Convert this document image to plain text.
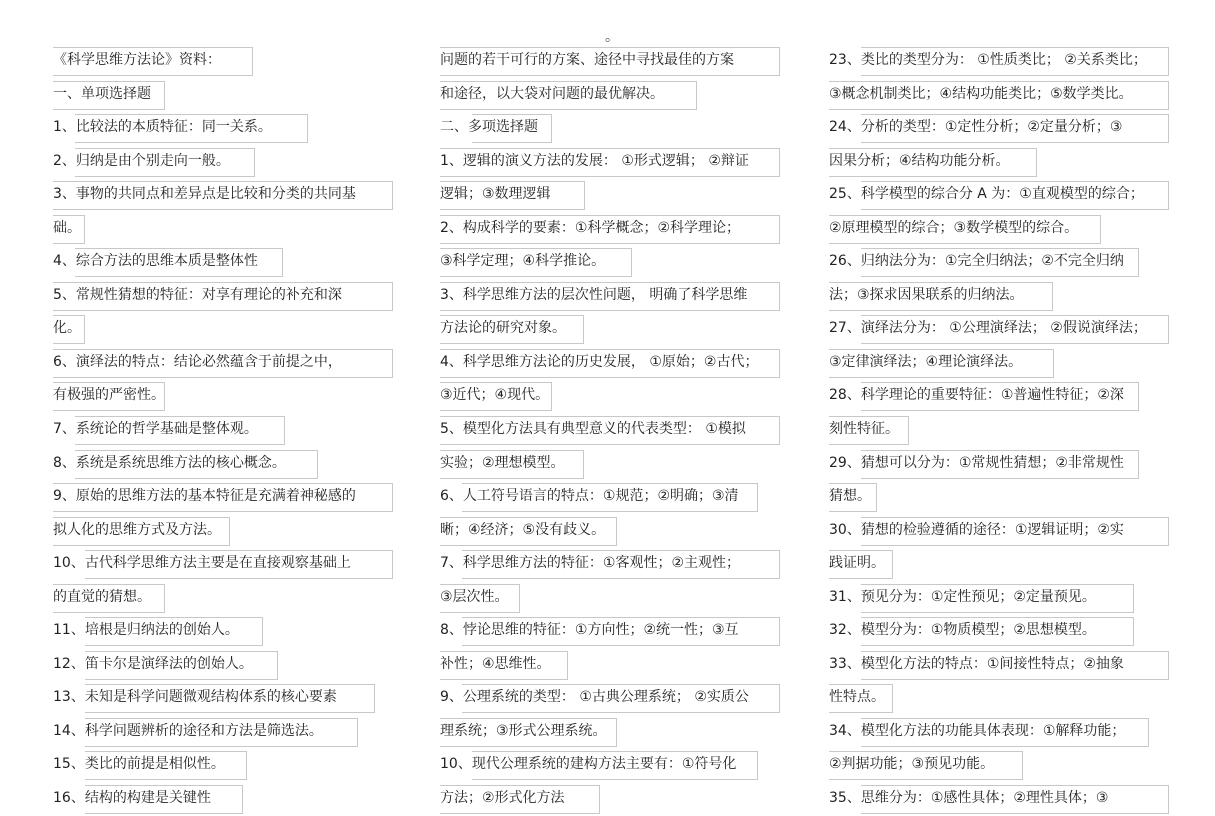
。
《科学思维方法论》资料：
一、单项选择题
1、比较法的本质特征：同一关系。
2、归纳是由个别走向一般。
3、事物的共同点和差异点是比较和分类的共同基
础。
4、综合方法的思维本质是整体性
5、常规性猜想的特征：对享有理论的补充和深
化。
6、演绎法的特点：结论必然蕴含于前提之中，
有极强的严密性。
7、系统论的哲学基础是整体观。
8、系统是系统思维方法的核心概念。
9、原始的思维方法的基本特征是充满着神秘感的
拟人化的思维方式及方法。
10、古代科学思维方法主要是在直接观察基础上
的直觉的猜想。
11、培根是归纳法的创始人。
12、笛卡尔是演绎法的创始人。
13、未知是科学问题微观结构体系的核心要素
14、科学问题辨析的途径和方法是筛选法。
15、类比的前提是相似性。
16、结构的构建是关键性
问题的若干可行的方案、途径中寻找最佳的方案
和途径，以大袋对问题的最优解决。
二、多项选择题
1、逻辑的演义方法的发展： ①形式逻辑； ②辩证
逻辑；③数理逻辑
2、构成科学的要素：①科学概念；②科学理论；
③科学定理；④科学推论。
3、科学思维方法的层次性问题， 明确了科学思维
方法论的研究对象。
4、科学思维方法论的历史发展， ①原始；②古代；
③近代；④现代。
5、模型化方法具有典型意义的代表类型： ①模拟
实验；②理想模型。
6、人工符号语言的特点：①规范；②明确；③清
晰；④经济；⑤没有歧义。
7、科学思维方法的特征：①客观性；②主观性；
③层次性。
8、悖论思维的特征：①方向性；②统一性；③互
补性；④思维性。
9、公理系统的类型： ①古典公理系统； ②实质公
理系统；③形式公理系统。
10、现代公理系统的建构方法主要有：①符号化
方法；②形式化方法
23、类比的类型分为： ①性质类比； ②关系类比；
③概念机制类比；④结构功能类比；⑤数学类比。
24、分析的类型：①定性分析；②定量分析；③
因果分析；④结构功能分析。
25、科学模型的综合分 A 为：①直观模型的综合；
②原理模型的综合；③数学模型的综合。
26、归纳法分为：①完全归纳法；②不完全归纳
法；③探求因果联系的归纳法。
27、演绎法分为： ①公理演绎法； ②假说演绎法；
③定律演绎法；④理论演绎法。
28、科学理论的重要特征：①普遍性特征；②深
刻性特征。
29、猜想可以分为：①常规性猜想；②非常规性
猜想。
30、猜想的检验遵循的途径：①逻辑证明；②实
践证明。
31、预见分为：①定性预见；②定量预见。
32、模型分为：①物质模型；②思想模型。
33、模型化方法的特点：①间接性特点；②抽象
性特点。
34、模型化方法的功能具体表现：①解释功能；
②判据功能；③预见功能。
35、思维分为：①感性具体；②理性具体；③
